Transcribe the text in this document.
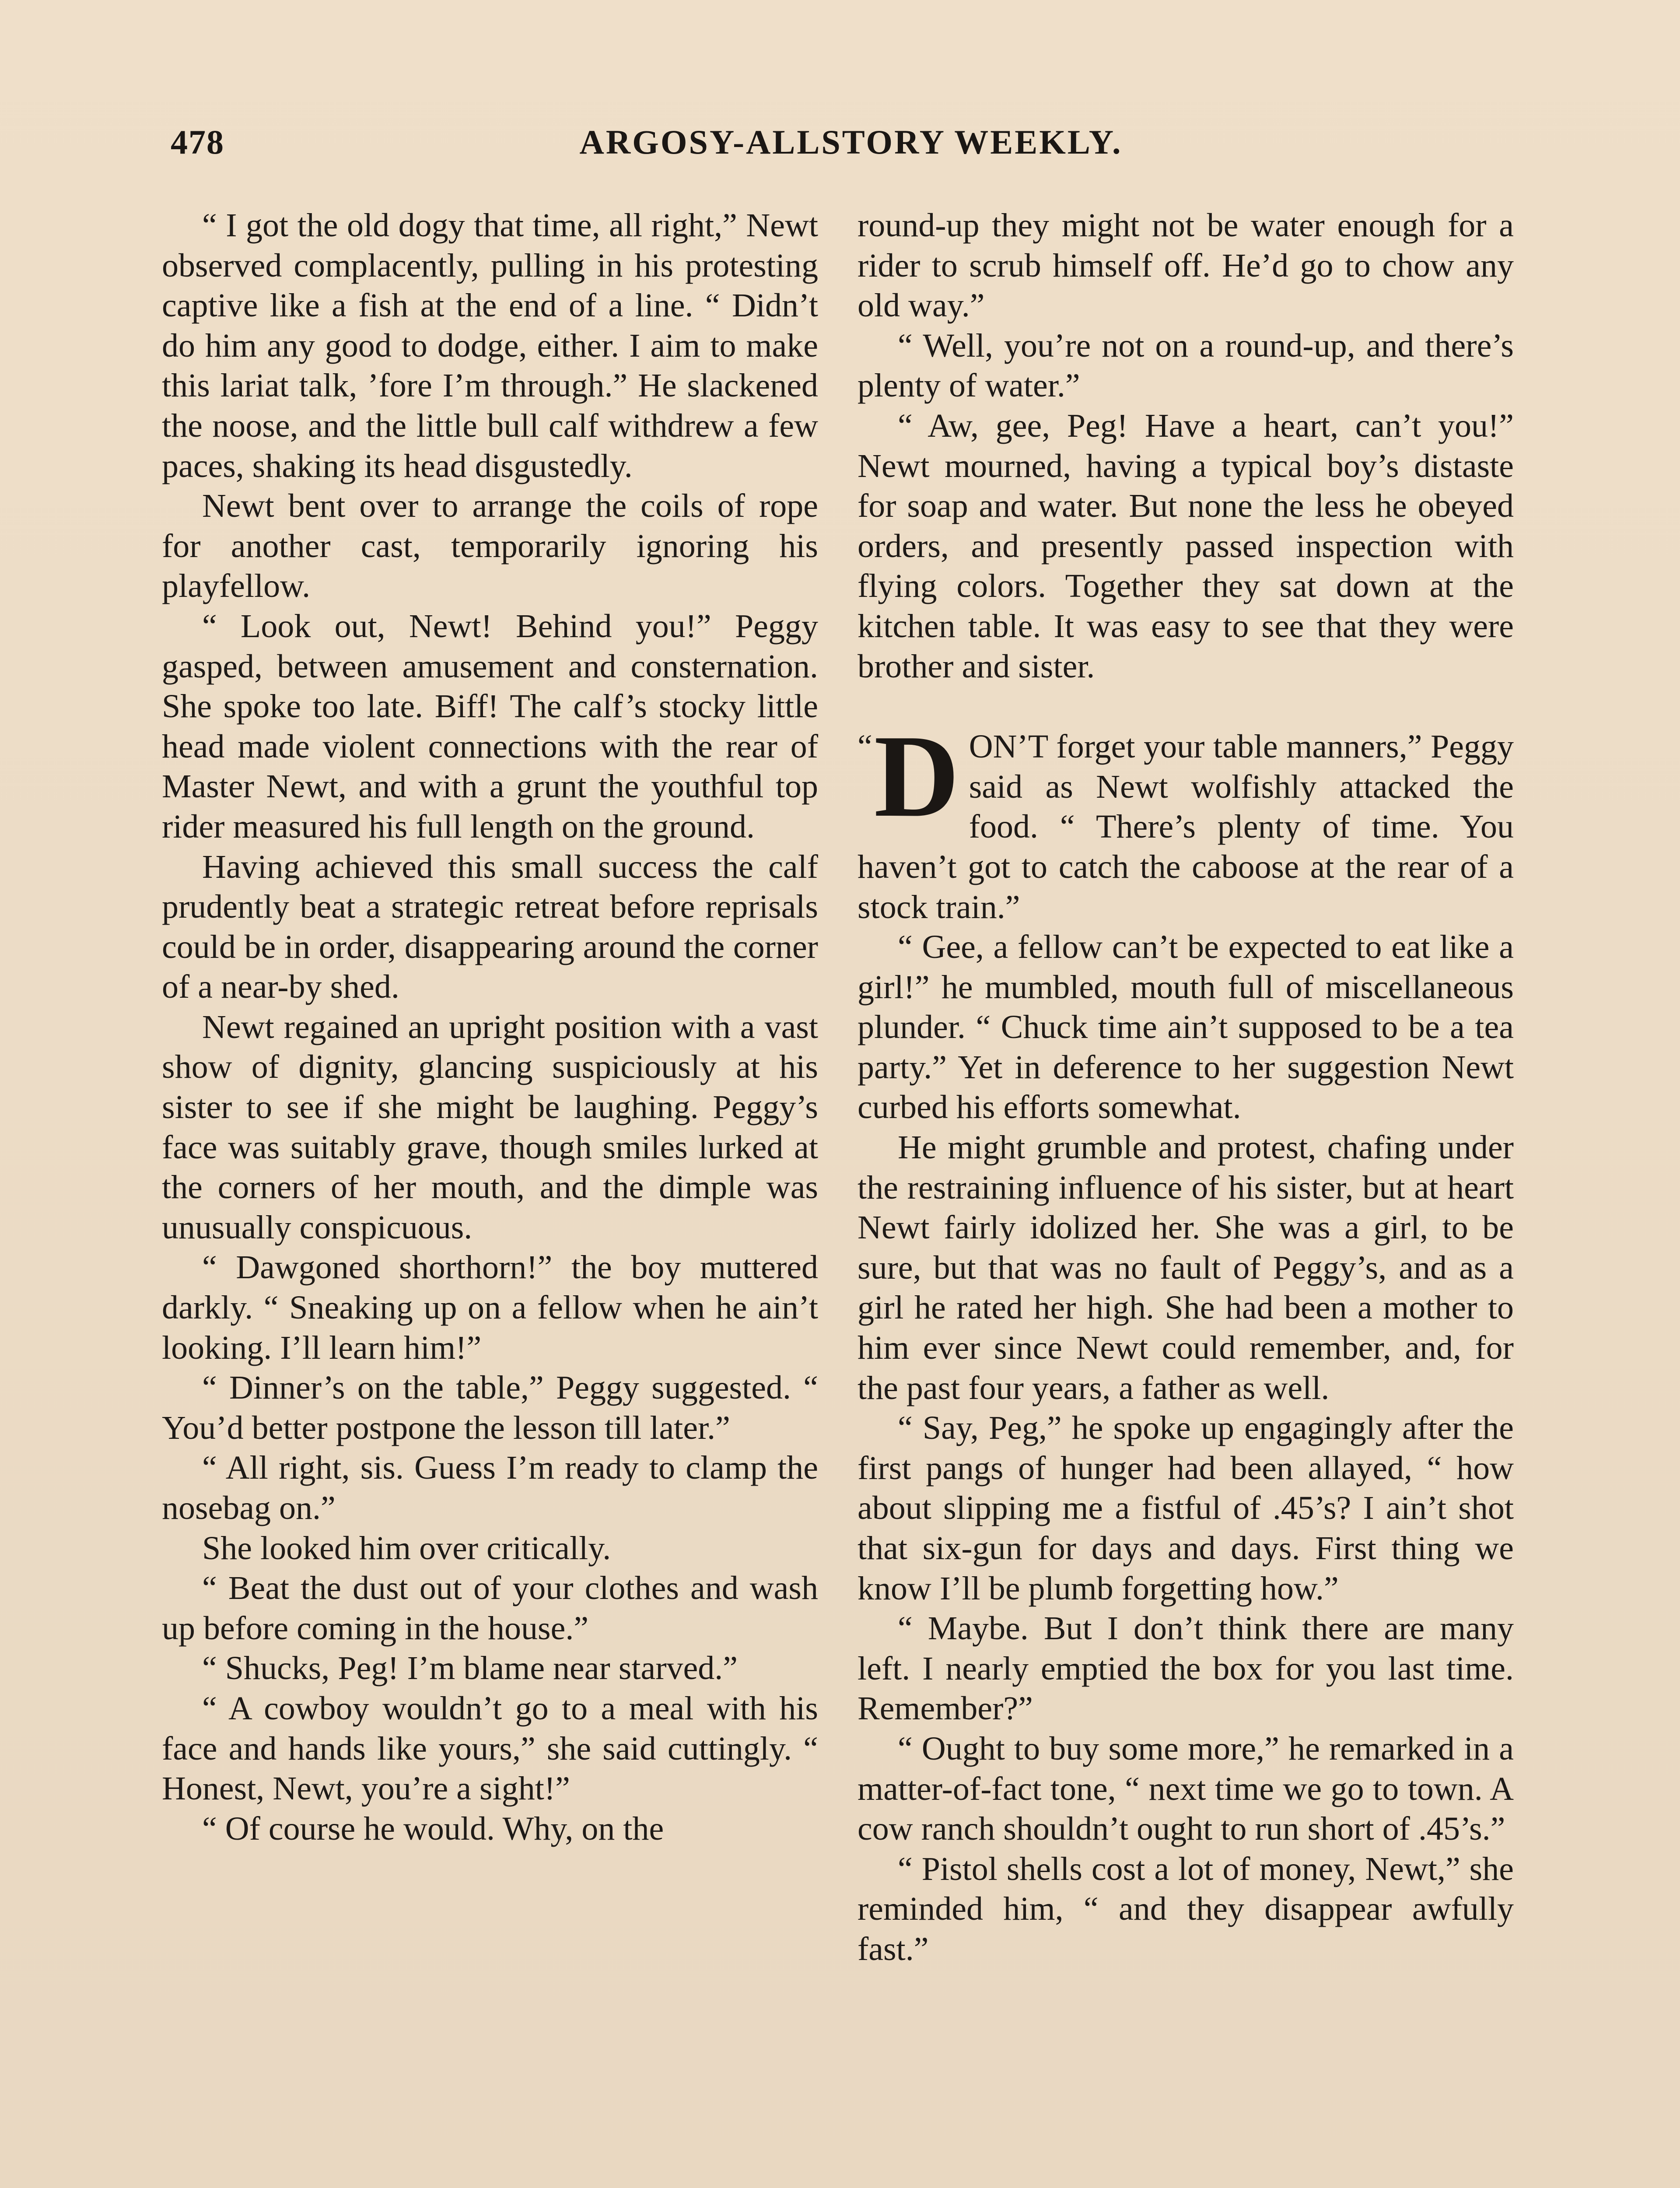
478	ARGOSY-ALLSTORY WEEKLY.

“ I got the old dogy that time, all right,” Newt observed complacently, pulling in his protesting captive like a fish at the end of a line. “ Didn’t do him any good to dodge, either. I aim to make this lariat talk, ’fore I’m through.” He slackened the noose, and the little bull calf withdrew a few paces, shaking its head disgustedly.

Newt bent over to arrange the coils of rope for another cast, temporarily ignoring his playfellow.

“ Look out, Newt! Behind you!” Peggy gasped, between amusement and consternation. She spoke too late. Biff! The calf’s stocky little head made violent connections with the rear of Master Newt, and with a grunt the youthful top rider measured his full length on the ground.

Having achieved this small success the calf prudently beat a strategic retreat before reprisals could be in order, disappearing around the corner of a near-by shed.

Newt regained an upright position with a vast show of dignity, glancing suspiciously at his sister to see if she might be laughing. Peggy’s face was suitably grave, though smiles lurked at the corners of her mouth, and the dimple was unusually conspicuous.

“ Dawgoned shorthorn!” the boy muttered darkly. “ Sneaking up on a fellow when he ain’t looking. I’ll learn him!”

“ Dinner’s on the table,” Peggy suggested. “ You’d better postpone the lesson till later.”

“ All right, sis. Guess I’m ready to clamp the nosebag on.”

She looked him over critically.

“ Beat the dust out of your clothes and wash up before coming in the house.”

“ Shucks, Peg! I’m blame near starved.”

“ A cowboy wouldn’t go to a meal with his face and hands like yours,” she said cuttingly. “ Honest, Newt, you’re a sight!”

“ Of course he would. Why, on the

round-up they might not be water enough for a rider to scrub himself off. He’d go to chow any old way.”

“ Well, you’re not on a round-up, and there’s plenty of water.”

“ Aw, gee, Peg! Have a heart, can’t you!” Newt mourned, having a typical boy’s distaste for soap and water. But none the less he obeyed orders, and presently passed inspection with flying colors. Together they sat down at the kitchen table. It was easy to see that they were brother and sister.

“ D ON’T forget your table manners,” Peggy said as Newt wolfishly attacked the food. “ There’s plenty of time. You haven’t got to catch the caboose at the rear of a stock train.”

“ Gee, a fellow can’t be expected to eat like a girl!” he mumbled, mouth full of miscellaneous plunder. “ Chuck time ain’t supposed to be a tea party.” Yet in deference to her suggestion Newt curbed his efforts somewhat.

He might grumble and protest, chafing under the restraining influence of his sister, but at heart Newt fairly idolized her. She was a girl, to be sure, but that was no fault of Peggy’s, and as a girl he rated her high. She had been a mother to him ever since Newt could remember, and, for the past four years, a father as well.

“ Say, Peg,” he spoke up engagingly after the first pangs of hunger had been allayed, “ how about slipping me a fistful of .45’s? I ain’t shot that six-gun for days and days. First thing we know I’ll be plumb forgetting how.”

“ Maybe. But I don’t think there are many left. I nearly emptied the box for you last time. Remember?”

“ Ought to buy some more,” he remarked in a matter-of-fact tone, “ next time we go to town. A cow ranch shouldn’t ought to run short of .45’s.”

“ Pistol shells cost a lot of money, Newt,” she reminded him, “ and they disappear awfully fast.”
